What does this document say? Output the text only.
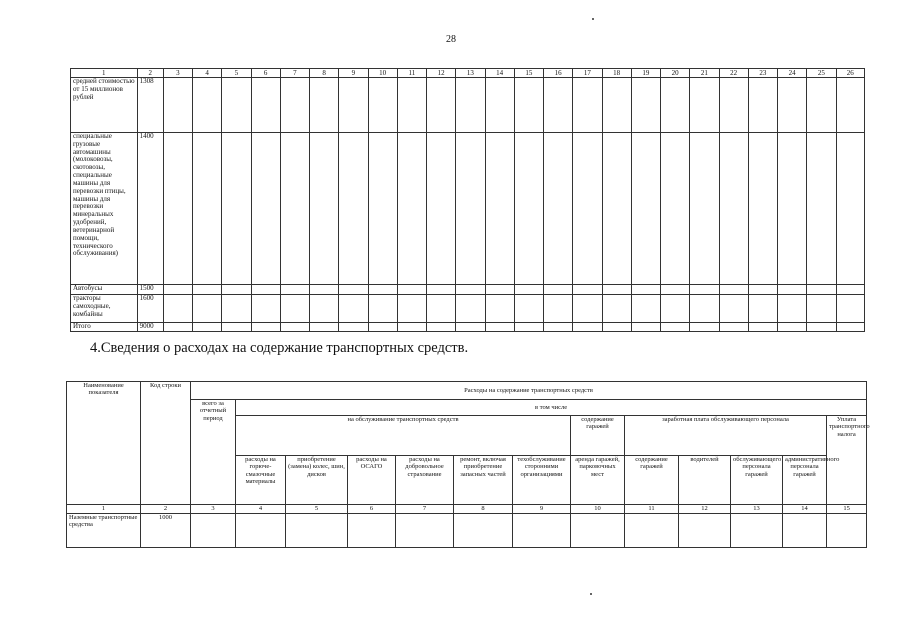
28
1	2	3	4	5	6	7	8	9	10	11	12	13	14	15	16	17	18	19	20	21	22	23	24	25	26
средней стоимостью от 15 миллионов рублей	1308																								
специальные грузовые автомашины (молоковозы, скотовозы, специальные машины для перевозки птицы, машины для перевозки минеральных удобрений, ветеринарной помощи, технического обслуживания)	1400																								
Автобусы	1500																								
тракторы самоходные, комбайны	1600																								
Итого	9000																								
4.Сведения о расходах на содержание транспортных средств.
Наименование показателя	Код строки	Расходы на содержание транспортных средств												
		всего за отчетный период	в том числе											
			на обслуживание транспортных средств						содержание гаражей	заработная плата обслуживающего персонала				Уплата транспортного налога
			расходы на горюче-смазочные материалы	приобретение (замена) колес, шин, дисков	расходы на ОСАГО	расходы на добровольное страхование	ремонт, включая приобретение запасных частей	техобслуживание сторонними организациями	аренда гаражей, парковочных мест	содержание гаражей	водителей	обслуживающего персонала гаражей	административного персонала гаражей	
1	2	3	4	5	6	7	8	9	10	11	12	13	14	15
Наземные транспортные средства	1000													
